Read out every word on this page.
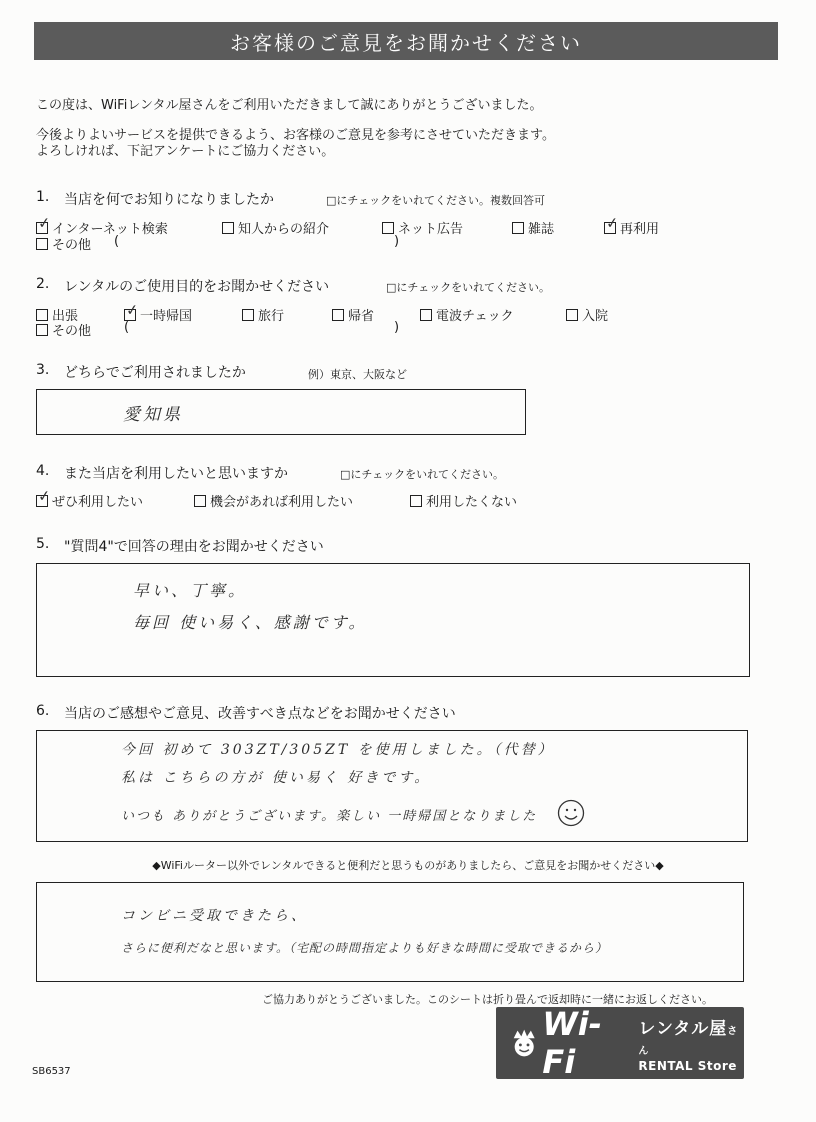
お客様のご意見をお聞かせください
この度は、WiFiレンタル屋さんをご利用いただきまして誠にありがとうございました。
今後よりよいサービスを提供できるよう、お客様のご意見を参考にさせていただきます。
よろしければ、下記アンケートにご協力ください。
1. 当店を何でお知りになりましたか	□にチェックをいれてください。複数回答可
✓ インターネット検索	知人からの紹介	ネット広告	雑誌	✓ 再利用
その他 (	)
2. レンタルのご使用目的をお聞かせください	□にチェックをいれてください。
出張	✓ 一時帰国	旅行	帰省	電波チェック	入院
その他	(	)
3. どちらでご利用されましたか	例）東京、大阪など
愛知県
4. また当店を利用したいと思いますか	□にチェックをいれてください。
✓ ぜひ利用したい	機会があれば利用したい	利用したくない
5. "質問4"で回答の理由をお聞かせください
早い、丁寧。
毎回 使い易く、感謝です。
6. 当店のご感想やご意見、改善すべき点などをお聞かせください
今回 初めて 303ZT/305ZT を使用しました。（代替）
私は こちらの方が 使い易く 好きです。
いつも ありがとうございます。楽しい 一時帰国となりました
◆WiFiルーター以外でレンタルできると便利だと思うものがありましたら、ご意見をお聞かせください◆
コンビニ受取できたら、
さらに便利だなと思います。（宅配の時間指定よりも好きな時間に受取できるから）
ご協力ありがとうございました。このシートは折り畳んで返却時に一緒にお返しください。
Wi-Fi
レンタル屋さん
RENTAL Store
SB6537
